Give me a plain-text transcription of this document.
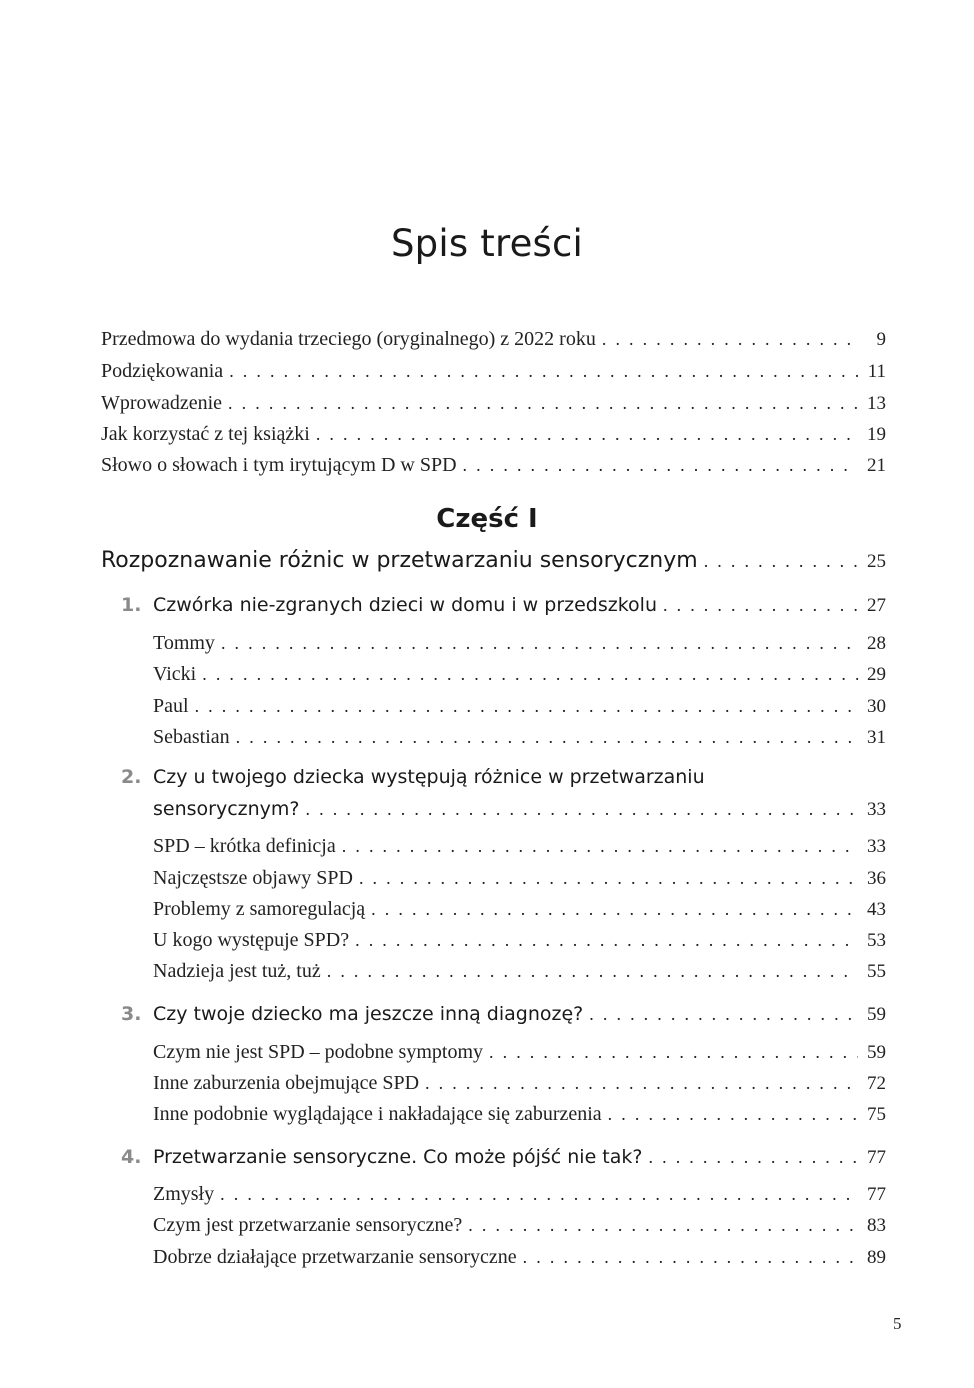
Spis treści
Przedmowa do wydania trzeciego (oryginalnego) z 2022 roku . . .	9
Podziękowania . . .	11
Wprowadzenie . . .	13
Jak korzystać z tej książki . . .	19
Słowo o słowach i tym irytującym D w SPD . . .	21
Część I
Rozpoznawanie różnic w przetwarzaniu sensorycznym . . .	25
1. Czwórka nie-zgranych dzieci w domu i w przedszkolu . . .	27
Tommy . . .	28
Vicki . . .	29
Paul . . .	30
Sebastian . . .	31
2. Czy u twojego dziecka występują różnice w przetwarzaniu
sensorycznym? . . .	33
SPD – krótka definicja . . .	33
Najczęstsze objawy SPD . . .	36
Problemy z samoregulacją . . .	43
U kogo występuje SPD? . . .	53
Nadzieja jest tuż, tuż . . .	55
3. Czy twoje dziecko ma jeszcze inną diagnozę? . . .	59
Czym nie jest SPD – podobne symptomy . . .	59
Inne zaburzenia obejmujące SPD . . .	72
Inne podobnie wyglądające i nakładające się zaburzenia . . .	75
4. Przetwarzanie sensoryczne. Co może pójść nie tak? . . .	77
Zmysły . . .	77
Czym jest przetwarzanie sensoryczne? . . .	83
Dobrze działające przetwarzanie sensoryczne . . .	89
5
